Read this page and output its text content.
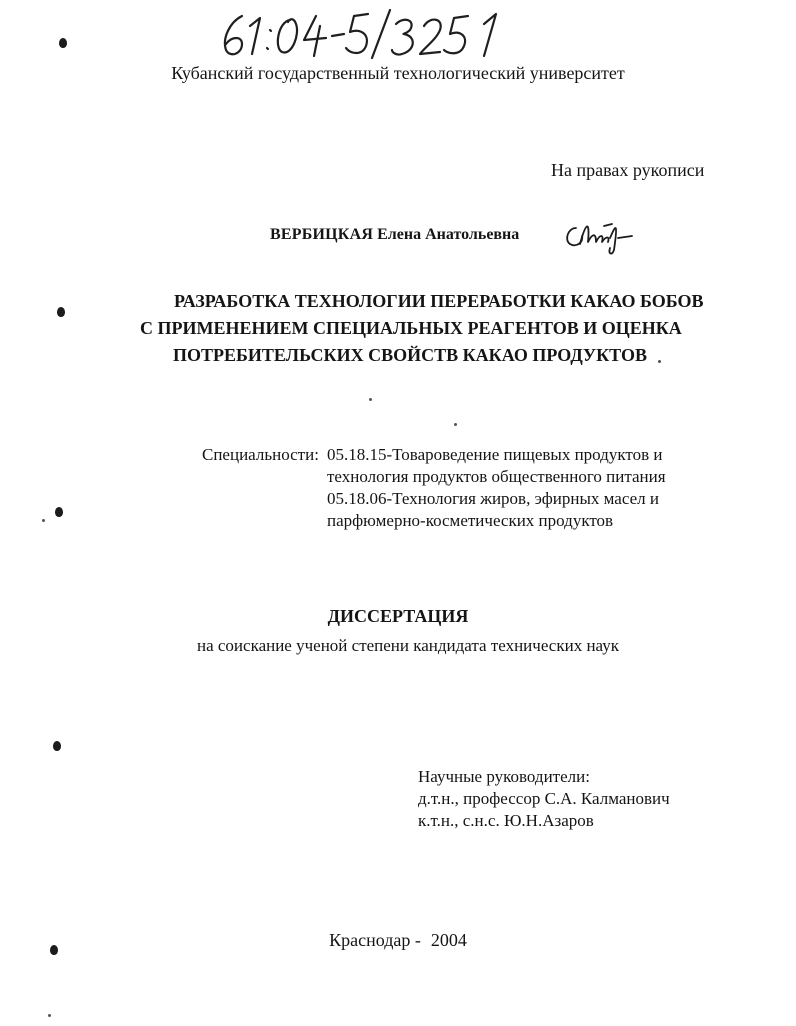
Кубанский государственный технологический университет
На правах рукописи
ВЕРБИЦКАЯ Елена Анатольевна
РАЗРАБОТКА ТЕХНОЛОГИИ ПЕРЕРАБОТКИ КАКАО БОБОВ
С ПРИМЕНЕНИЕМ СПЕЦИАЛЬНЫХ РЕАГЕНТОВ И ОЦЕНКА
ПОТРЕБИТЕЛЬСКИХ СВОЙСТВ КАКАО ПРОДУКТОВ
Специальности: 05.18.15-Товароведение пищевых продуктов и
технология продуктов общественного питания
05.18.06-Технология жиров, эфирных масел и
парфюмерно-косметических продуктов
ДИССЕРТАЦИЯ
на соискание ученой степени кандидата технических наук
Научные руководители:
д.т.н., профессор С.А. Калманович
к.т.н., с.н.с. Ю.Н.Азаров
Краснодар - 2004
